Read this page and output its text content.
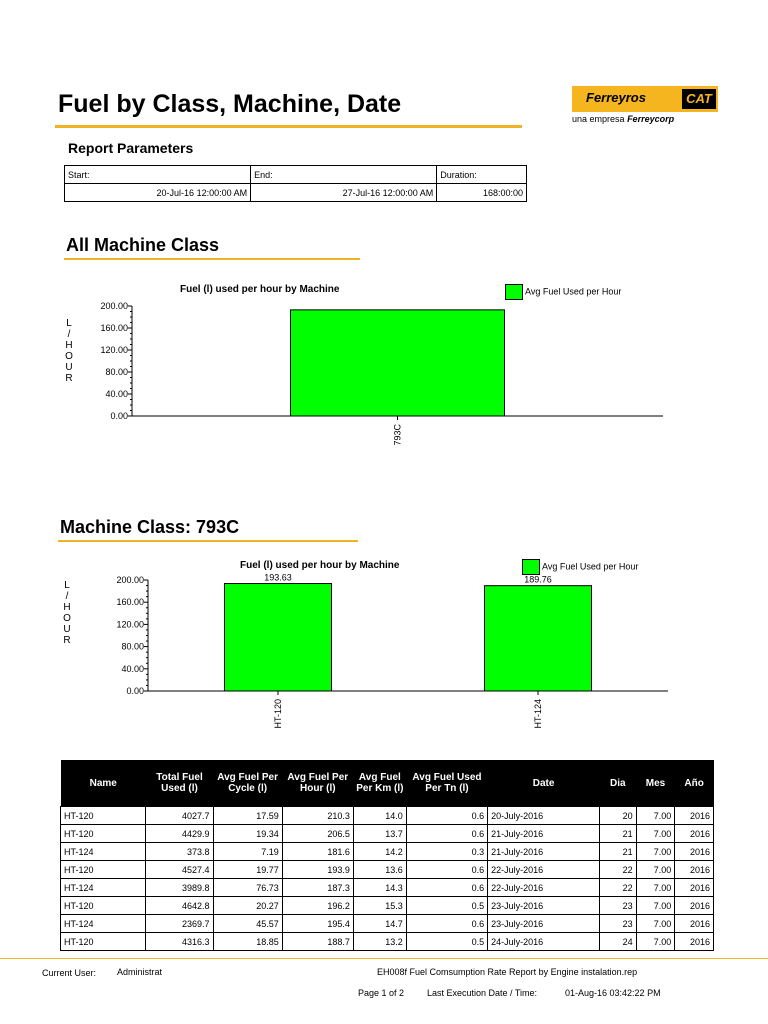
Fuel by Class, Machine, Date	Ferreyros	CAT
una empresa Ferreycorp
Report Parameters
Start:	End:	Duration:
20-Jul-16 12:00:00 AM	27-Jul-16 12:00:00 AM	168:00:00
All Machine Class
Fuel (l) used per hour by Machine	Avg Fuel Used per Hour
L
/
H
O
U
R
0.00
40.00
80.00
120.00
160.00
200.00
793C
0.00
40.00
80.00
120.00
160.00
200.00
HT-120
193.63
HT-124
189.76
Machine Class: 793C
Fuel (l) used per hour by Machine	Avg Fuel Used per Hour
L
/
H
O
U
R
Name	Total Fuel Used (l)	Avg Fuel Per Cycle (l)	Avg Fuel Per Hour (l)	Avg Fuel Per Km (l)	Avg Fuel Used Per Tn (l)	Date	Dia	Mes	Año
HT-120	4027.7	17.59	210.3	14.0	0.6	20-July-2016	20	7.00	2016
HT-120	4429.9	19.34	206.5	13.7	0.6	21-July-2016	21	7.00	2016
HT-124	373.8	7.19	181.6	14.2	0.3	21-July-2016	21	7.00	2016
HT-120	4527.4	19.77	193.9	13.6	0.6	22-July-2016	22	7.00	2016
HT-124	3989.8	76.73	187.3	14.3	0.6	22-July-2016	22	7.00	2016
HT-120	4642.8	20.27	196.2	15.3	0.5	23-July-2016	23	7.00	2016
HT-124	2369.7	45.57	195.4	14.7	0.6	23-July-2016	23	7.00	2016
HT-120	4316.3	18.85	188.7	13.2	0.5	24-July-2016	24	7.00	2016
Current User: Administrat	EH008f Fuel Comsumption Rate Report by Engine instalation.rep
Page 1 of 2	Last Execution Date / Time:	01-Aug-16 03:42:22 PM
